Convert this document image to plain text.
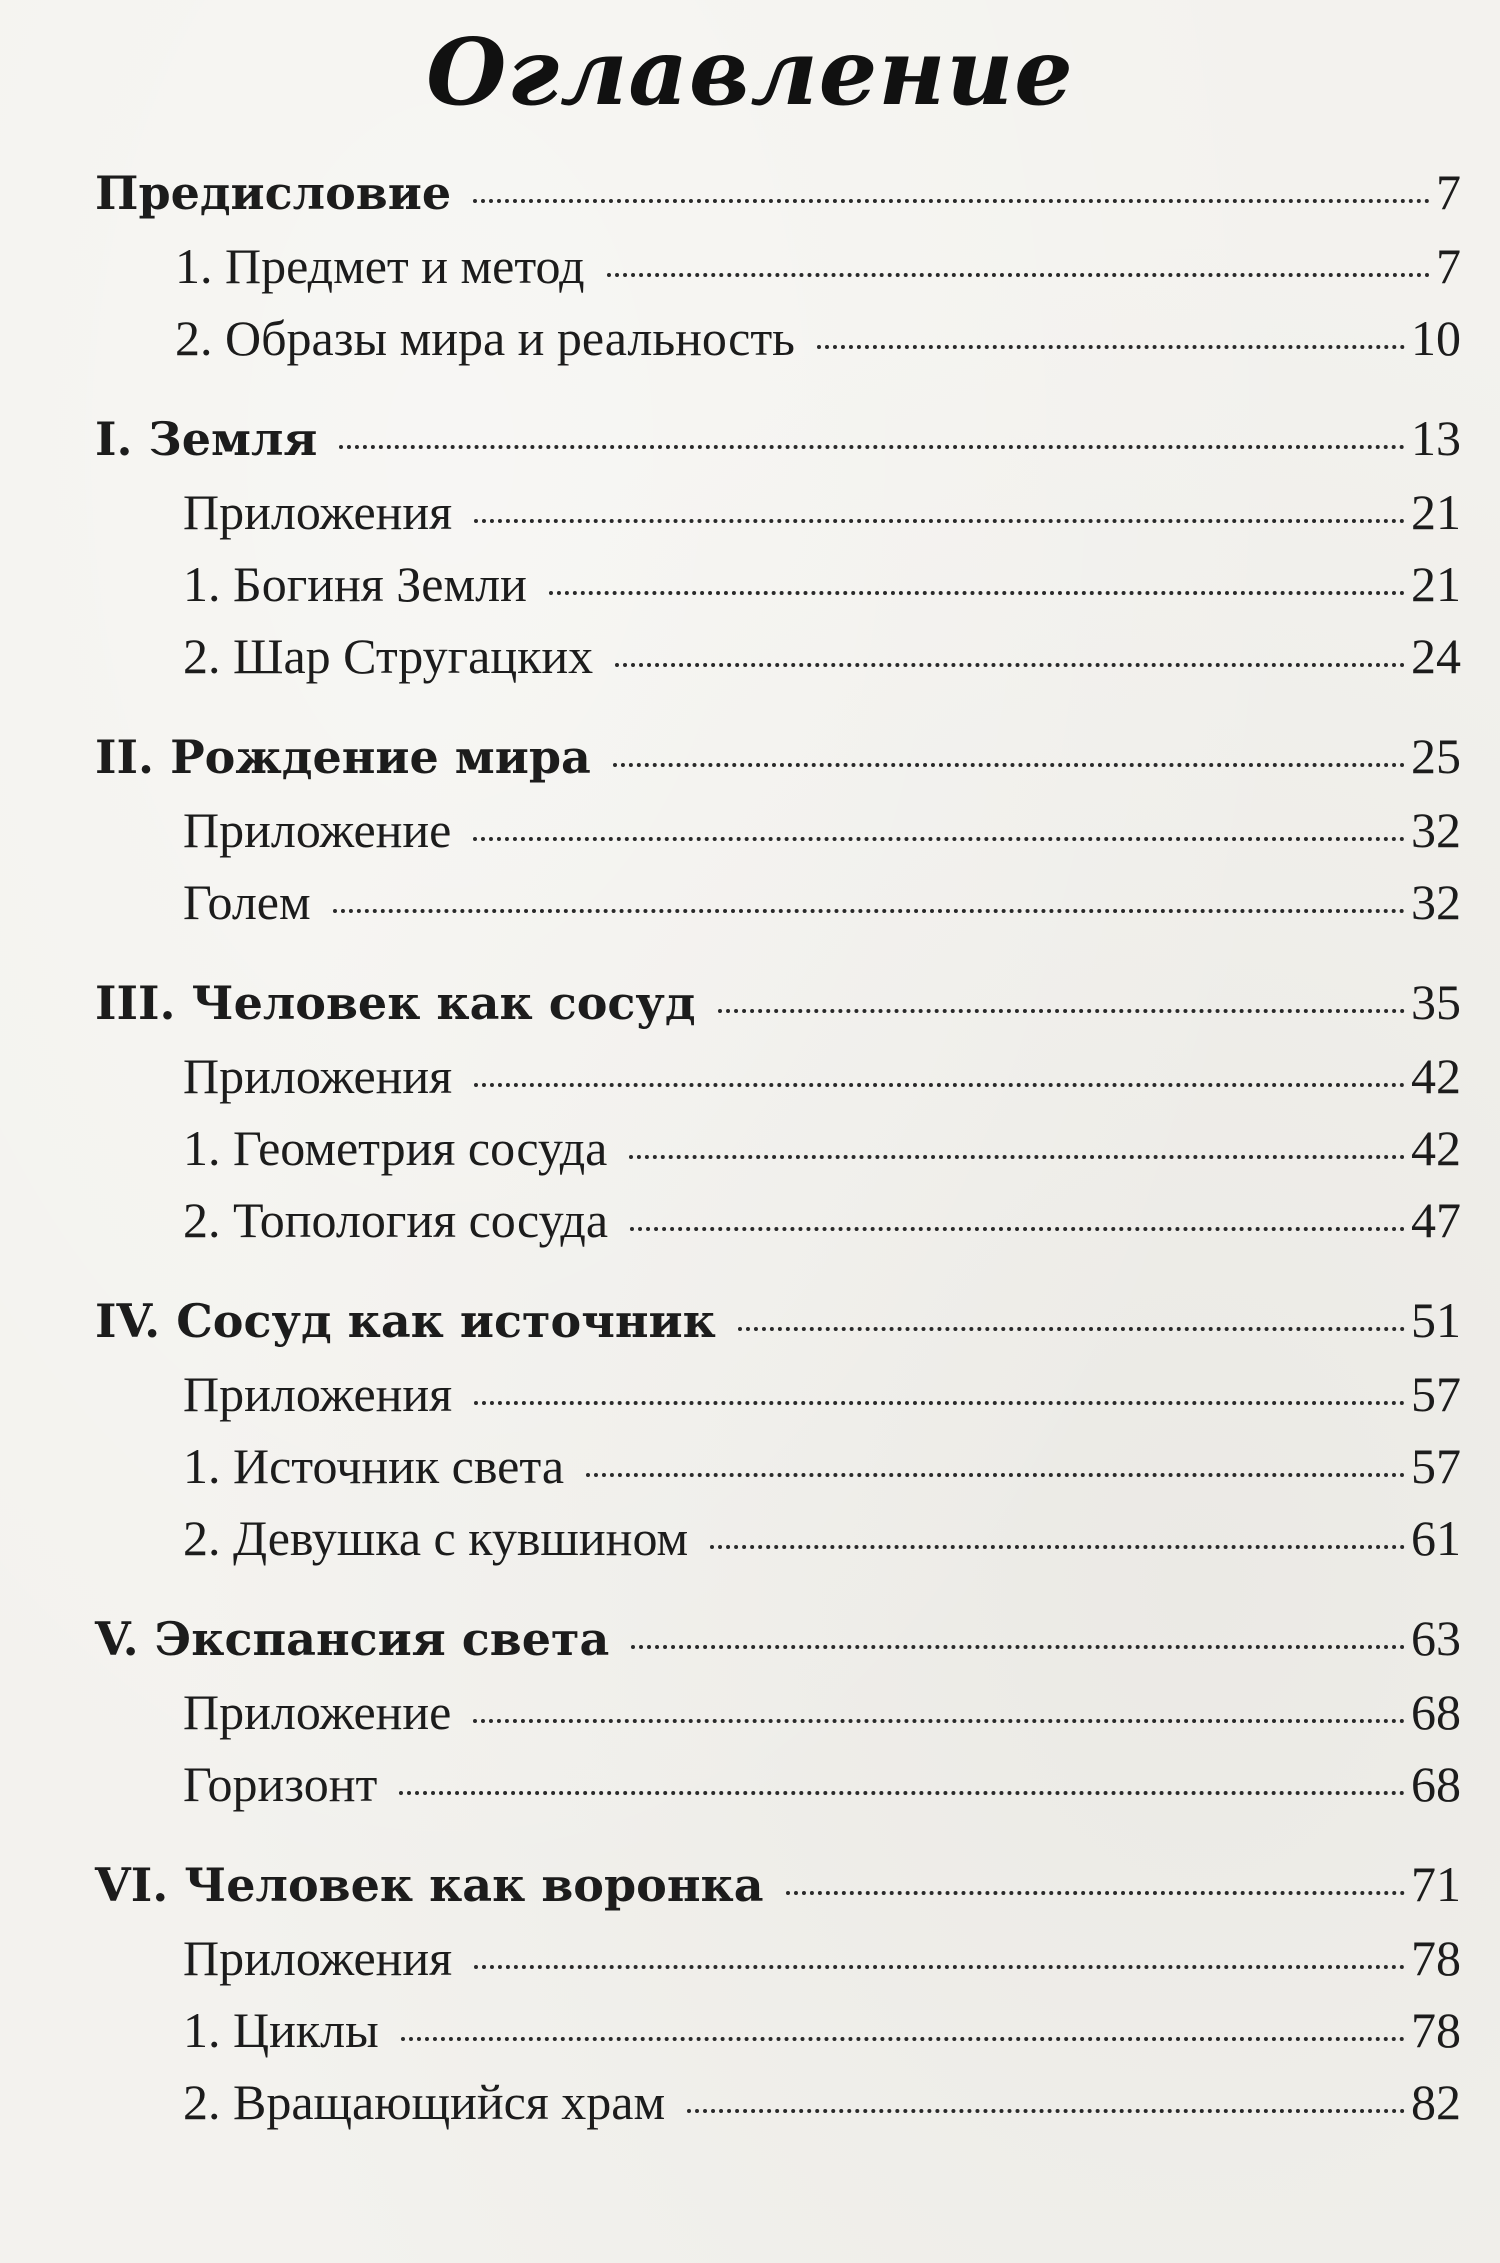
Оглавление
Предисловие	7
1. Предмет и метод	7
2. Образы мира и реальность	10
I. Земля	13
Приложения	21
1. Богиня Земли	21
2. Шар Стругацких	24
II. Рождение мира	25
Приложение	32
Голем	32
III. Человек как сосуд	35
Приложения	42
1. Геометрия сосуда	42
2. Топология сосуда	47
IV. Сосуд как источник	51
Приложения	57
1. Источник света	57
2. Девушка с кувшином	61
V. Экспансия света	63
Приложение	68
Горизонт	68
VI. Человек как воронка	71
Приложения	78
1. Циклы	78
2. Вращающийся храм	82
